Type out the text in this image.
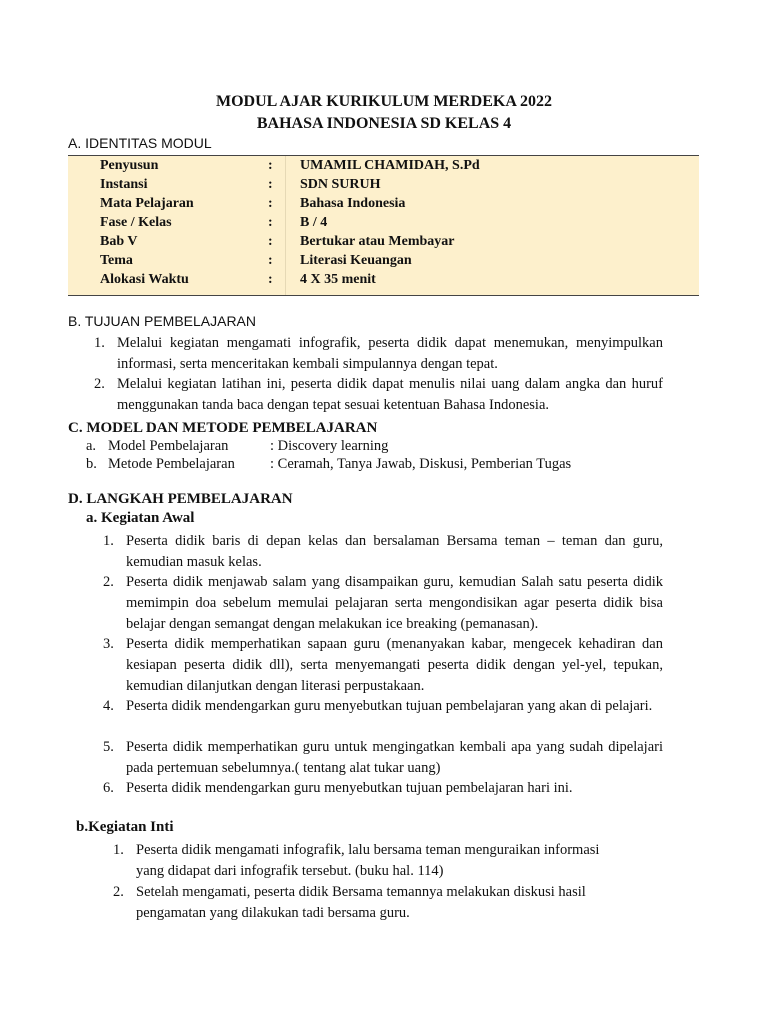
MODUL AJAR KURIKULUM MERDEKA 2022
BAHASA INDONESIA SD KELAS 4
A. IDENTITAS MODUL
Penyusun	: UMAMIL CHAMIDAH, S.Pd
Instansi	: SDN SURUH
Mata Pelajaran	: Bahasa Indonesia
Fase / Kelas	: B / 4
Bab V	: Bertukar atau Membayar
Tema	: Literasi Keuangan
Alokasi Waktu	: 4 X 35 menit
B. TUJUAN PEMBELAJARAN
1. Melalui kegiatan mengamati infografik, peserta didik dapat menemukan, menyimpulkan informasi, serta menceritakan kembali simpulannya dengan tepat.
2. Melalui kegiatan latihan ini, peserta didik dapat menulis nilai uang dalam angka dan huruf menggunakan tanda baca dengan tepat sesuai ketentuan Bahasa Indonesia.
C. MODEL DAN METODE PEMBELAJARAN
a. Model Pembelajaran	: Discovery learning
b. Metode Pembelajaran : Ceramah, Tanya Jawab, Diskusi, Pemberian Tugas
D. LANGKAH PEMBELAJARAN
a. Kegiatan Awal
1. Peserta didik baris di depan kelas dan bersalaman Bersama teman – teman dan guru, kemudian masuk kelas.
2. Peserta didik menjawab salam yang disampaikan guru, kemudian Salah satu peserta didik memimpin doa sebelum memulai pelajaran serta mengondisikan agar peserta didik bisa belajar dengan semangat dengan melakukan ice breaking (pemanasan).
3. Peserta didik memperhatikan sapaan guru (menanyakan kabar, mengecek kehadiran dan kesiapan peserta didik dll), serta menyemangati peserta didik dengan yel-yel, tepukan, kemudian dilanjutkan dengan literasi perpustakaan.
4. Peserta didik mendengarkan guru menyebutkan tujuan pembelajaran yang akan di pelajari.
5. Peserta didik memperhatikan guru untuk mengingatkan kembali apa yang sudah dipelajari pada pertemuan sebelumnya.( tentang alat tukar uang)
6. Peserta didik mendengarkan guru menyebutkan tujuan pembelajaran hari ini.
b.Kegiatan Inti
1. Peserta didik mengamati infografik, lalu bersama teman menguraikan informasi
yang didapat dari infografik tersebut. (buku hal. 114)
2. Setelah mengamati, peserta didik Bersama temannya melakukan diskusi hasil
pengamatan yang dilakukan tadi bersama guru.
